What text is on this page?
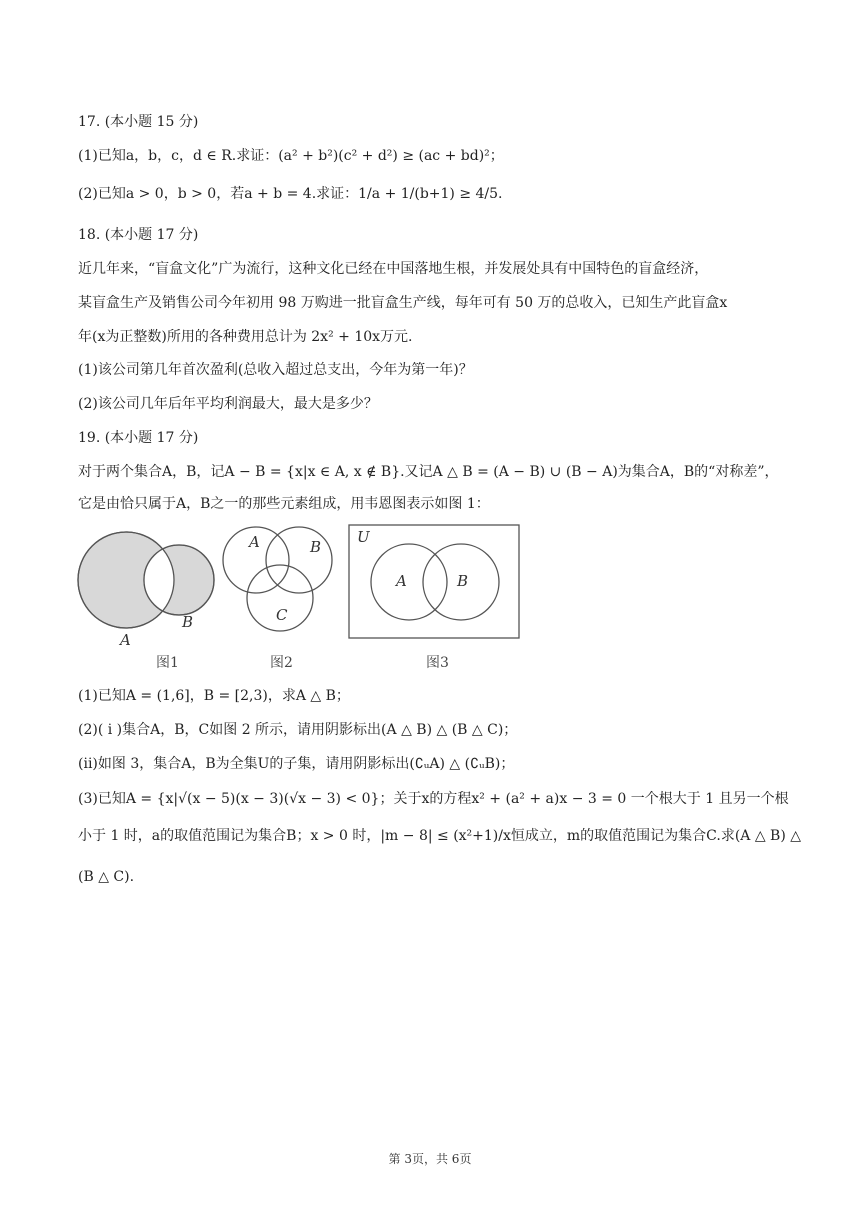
17. (本小题 15 分)
(1)已知a，b，c，d ∈ R.求证：(a² + b²)(c² + d²) ≥ (ac + bd)²；
(2)已知a > 0，b > 0，若a + b = 4.求证：1/a + 1/(b+1) ≥ 4/5.
18. (本小题 17 分)
近几年来，“盲盒文化”广为流行，这种文化已经在中国落地生根，并发展处具有中国特色的盲盒经济，
某盲盒生产及销售公司今年初用 98 万购进一批盲盒生产线，每年可有 50 万的总收入，已知生产此盲盒x
年(x为正整数)所用的各种费用总计为 2x² + 10x万元.
(1)该公司第几年首次盈利(总收入超过总支出，今年为第一年)？
(2)该公司几年后年平均利润最大，最大是多少？
19. (本小题 17 分)
对于两个集合A，B，记A − B = {x|x ∈ A, x ∉ B}.又记A △ B = (A − B) ∪ (B − A)为集合A，B的“对称差”，
它是由恰只属于A，B之一的那些元素组成，用韦恩图表示如图 1：
A
B
图1
A	B
C
图2
U
A	B
图3
(1)已知A = (1,6]，B = [2,3)，求A △ B；
(2)( i )集合A，B，C如图 2 所示，请用阴影标出(A △ B) △ (B △ C)；
(ii)如图 3，集合A，B为全集U的子集，请用阴影标出(∁ᵤA) △ (∁ᵤB)；
(3)已知A = {x|√(x − 5)(x − 3)(√x − 3) < 0}；关于x的方程x² + (a² + a)x − 3 = 0 一个根大于 1 且另一个根
小于 1 时，a的取值范围记为集合B；x > 0 时，|m − 8| ≤ (x²+1)/x恒成立，m的取值范围记为集合C.求(A △ B) △
(B △ C).
第 3页，共 6页
